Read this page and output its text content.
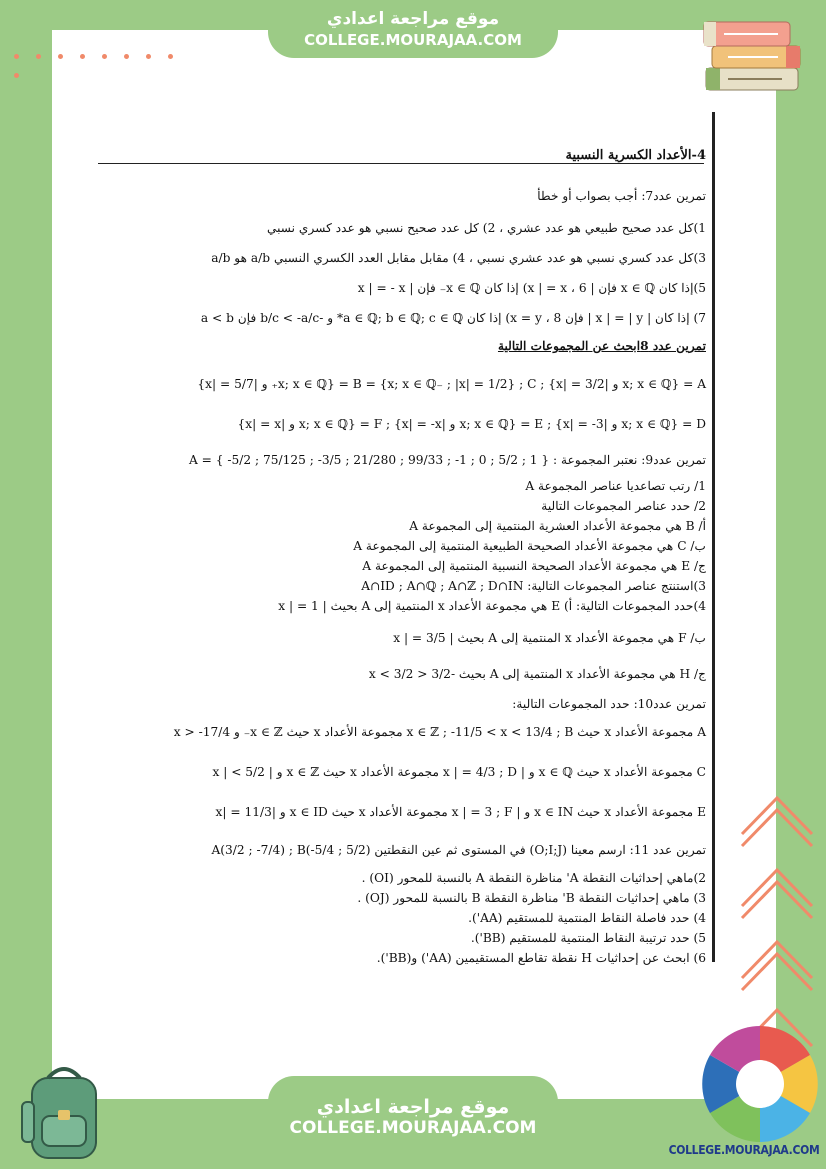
موقع مراجعة اعدادي
COLLEGE.MOURAJAA.COM
4-الأعداد الكسرية النسبية
تمرين عدد7: أجب بصواب أو خطأ
1)كل عدد صحيح طبيعي هو عدد عشري ، 2) كل عدد صحيح نسبي هو عدد كسري نسبي
3)كل عدد كسري نسبي هو عدد عشري نسبي ، 4) مقابل مقابل العدد الكسري النسبي a/b هو a/b
5)إذا كان x ∈ ℚ فإن | x | = x ، 6) إذا كان x ∈ ℚ₋ فإن | x | = - x
7) إذا كان | x | = | y | فإن x = y ، 8) إذا كان a ∈ ℚ; b ∈ ℚ; c ∈ ℚ* و -b/c < -a/c فإن a < b
تمرين عدد 8ابحث عن المجموعات التالية
A = {x; x ∈ ℚ و |x| = 3/2} ; B = {x; x ∈ ℚ₋ ; |x| = 1/2} ; C = {x; x ∈ ℚ₊ و |x| = 5/7}
D = {x; x ∈ ℚ و |x| = -3} ; E = {x; x ∈ ℚ و |x| = -x} ; F = {x; x ∈ ℚ و |x| = x}
تمرين عدد9: نعتبر المجموعة : A = { -5/2 ; 75/125 ; -3/5 ; 21/280 ; 99/33 ; -1 ; 0 ; 5/2 ; 1 }
1/ رتب تصاعديا عناصر المجموعة A
2/ حدد عناصر المجموعات التالية
أ/ B هي مجموعة الأعداد العشرية المنتمية إلى المجموعة A
ب/ C هي مجموعة الأعداد الصحيحة الطبيعية المنتمية إلى المجموعة A
ج/ E هي مجموعة الأعداد الصحيحة النسبية المنتمية إلى المجموعة A
3)استنتج عناصر المجموعات التالية: A∩ID ; A∩ℚ ; A∩ℤ ; D∩IN
4)حدد المجموعات التالية: أ) E هي مجموعة الأعداد x المنتمية إلى A بحيث | x | = 1
ب/ F هي مجموعة الأعداد x المنتمية إلى A بحيث | x | = 3/5
ج/ H هي مجموعة الأعداد x المنتمية إلى A بحيث -3/2 < x < 3/2
تمرين عدد10: حدد المجموعات التالية:
A مجموعة الأعداد x حيث x ∈ ℤ ; -11/5 < x < 13/4 ; B مجموعة الأعداد x حيث x ∈ ℤ₋ و x > -17/4
C مجموعة الأعداد x حيث x ∈ ℚ و | x | = 4/3 ; D مجموعة الأعداد x حيث x ∈ ℤ و | x | < 5/2
E مجموعة الأعداد x حيث x ∈ IN و | x | = 3 ; F مجموعة الأعداد x حيث x ∈ ID و |x| = 11/3
تمرين عدد 11: ارسم معينا (O;I;J) في المستوى ثم عين النقطتين A(3/2 ; -7/4) ; B(-5/4 ; 5/2)
2)ماهي إحداثيات النقطة A' مناظرة النقطة A بالنسبة للمحور (OI) .
3) ماهي إحداثيات النقطة B' مناظرة النقطة B بالنسبة للمحور (OJ) .
4) حدد فاصلة النقاط المنتمية للمستقيم (AA').
5) حدد ترتيبة النقاط المنتمية للمستقيم (BB').
6) ابحث عن إحداثيات H نقطة تقاطع المستقيمين (AA') و(BB').
موقع مراجعة اعدادي
COLLEGE.MOURAJAA.COM
COLLEGE.MOURAJAA.COM
